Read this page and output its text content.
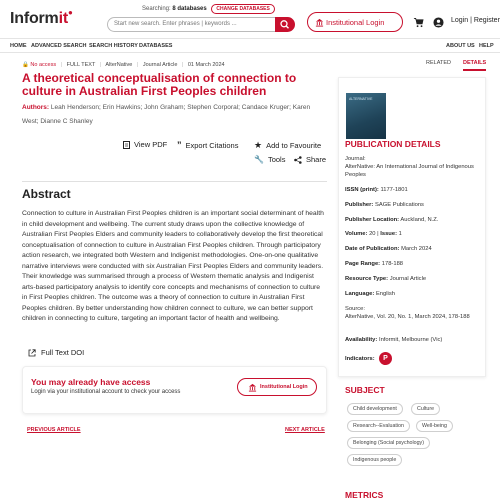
Informit●	Searching: 8 databases CHANGE DATABASES
Start new search. Enter phrases | keywords ...	Institutional Login	Login | Register
HOME ADVANCED SEARCH SEARCH HISTORY DATABASES	ABOUT US HELP
🔒 No access | FULL TEXT | AlterNative | Journal Article | 01 March 2024	RELATED DETAILS
A theoretical conceptualisation of connection to culture in Australian First Peoples children
Authors: Leah Henderson; Erin Hawkins; John Graham; Stephen Corporal; Candace Kruger; Karen West; Dianne C Shanley
View PDF ” Export Citations ★ Add to Favourite
🔧 Tools	Share
Abstract
Connection to culture in Australian First Peoples children is an important social determinant of health in child development and wellbeing. The current study draws upon the collective knowledge of Australian First Peoples Elders and community leaders to collaboratively develop the first theoretical conceptualisation of connection to culture in Australian First Peoples children. Through participatory action research, we integrated both Western and Indigenist methodologies. One-on-one qualitative narrative interviews were conducted with six Australian First Peoples Elders and community leaders. Their knowledge was summarised through a process of Western thematic analysis and Indigenist arts-based participatory analysis to identify core concepts and mechanisms of connection to culture in First Peoples children. The outcome was a theory of connection to culture in Australian First Peoples children. By better understanding how children connect to culture, we can better support children in connecting to culture, targeting an important factor of health and wellbeing.
Full Text DOI
You may already have access
Login via your institutional account to check your access
Institutional Login
PREVIOUS ARTICLE	NEXT ARTICLE
ALTERNATIVE
PUBLICATION DETAILS
Journal:
AlterNative: An International Journal of Indigenous Peoples
ISSN (print): 1177-1801
Publisher: SAGE Publications
Publisher Location: Auckland, N.Z.
Volume: 20 | Issue: 1
Date of Publication: March 2024
Page Range: 178-188
Resource Type: Journal Article
Language: English
Source:
AlterNative, Vol. 20, No. 1, March 2024, 178-188
Availability: Informit, Melbourne (Vic)
Indicators:	P
SUBJECT
Child development	Culture
Research--Evaluation	Well-being
Belonging (Social psychology)
Indigenous people
METRICS
